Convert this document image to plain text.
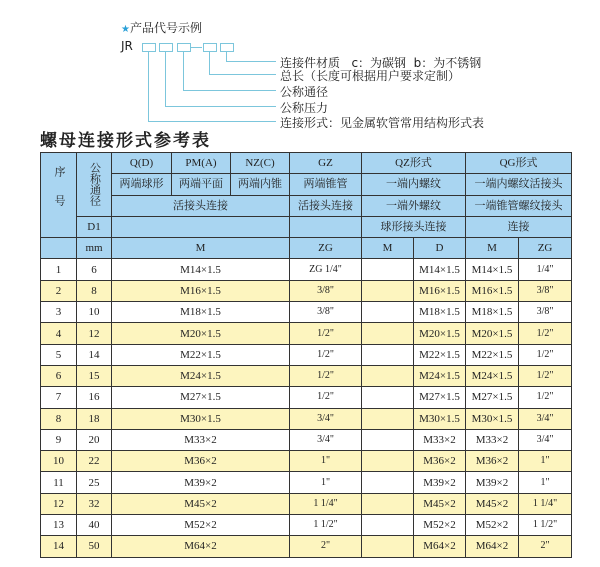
★产品代号示例
JR
连接件材质   c：为碳钢  b：为不锈钢
总长（长度可根据用户要求定制）
公称通径
公称压力
连接形式：见金属软管常用结构形式表
螺母连接形式参考表
序号	公称通径	Q(D)	PM(A)	NZ(C)	GZ	QZ形式		QG形式	
		两端球形	两端平面	两端内锥	两端锥管	一端内螺纹		一端内螺纹活接头	
		活接头连接			活接头连接	一端外螺纹		一端锥管螺纹接头	
	D1					球形接头连接		连接	
	mm	M			ZG	M	D	M	ZG
1	6	M14×1.5			ZG 1/4"		M14×1.5	M14×1.5	1/4"
2	8	M16×1.5			3/8"		M16×1.5	M16×1.5	3/8"
3	10	M18×1.5			3/8"		M18×1.5	M18×1.5	3/8"
4	12	M20×1.5			1/2"		M20×1.5	M20×1.5	1/2"
5	14	M22×1.5			1/2"		M22×1.5	M22×1.5	1/2"
6	15	M24×1.5			1/2"		M24×1.5	M24×1.5	1/2"
7	16	M27×1.5			1/2"		M27×1.5	M27×1.5	1/2"
8	18	M30×1.5			3/4"		M30×1.5	M30×1.5	3/4"
9	20	M33×2			3/4"		M33×2	M33×2	3/4"
10	22	M36×2			1"		M36×2	M36×2	1"
11	25	M39×2			1"		M39×2	M39×2	1"
12	32	M45×2			1 1/4"		M45×2	M45×2	1 1/4"
13	40	M52×2			1 1/2"		M52×2	M52×2	1 1/2"
14	50	M64×2			2"		M64×2	M64×2	2"
